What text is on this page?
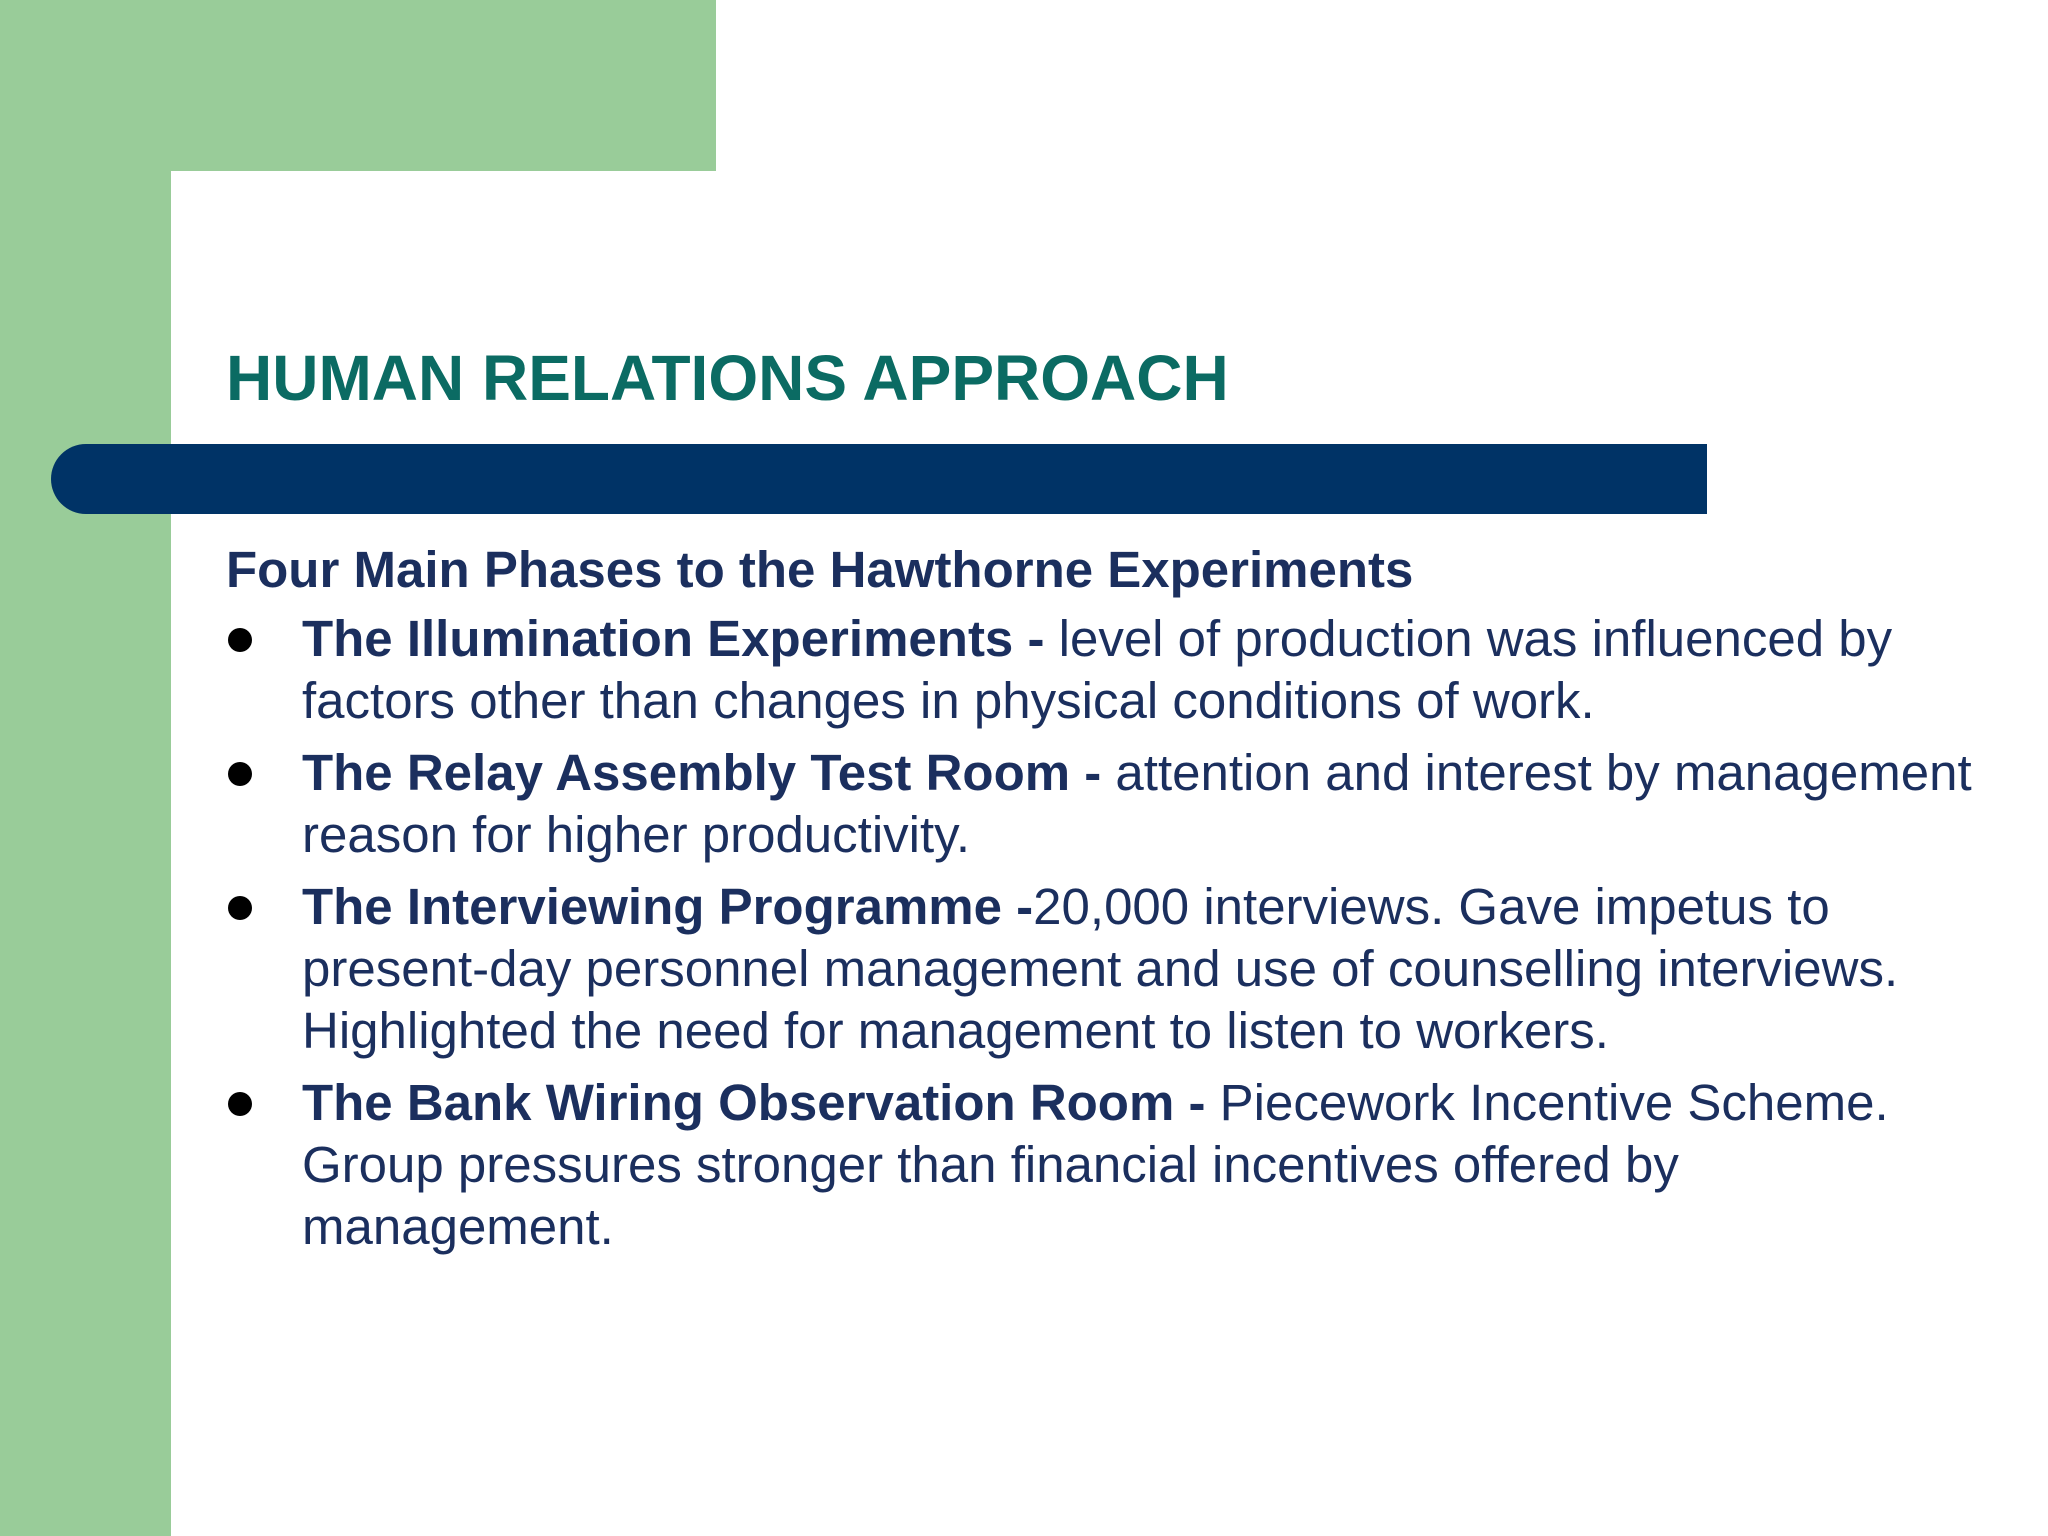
HUMAN RELATIONS APPROACH

Four Main Phases to the Hawthorne Experiments

The Illumination Experiments - level of production was influenced by factors other than changes in physical conditions of work.
The Relay Assembly Test Room - attention and interest by management reason for higher productivity.
The Interviewing Programme -20,000 interviews. Gave impetus to present-day personnel management and use of counselling interviews. Highlighted the need for management to listen to workers.
The Bank Wiring Observation Room - Piecework Incentive Scheme. Group pressures stronger than financial incentives offered by management.
